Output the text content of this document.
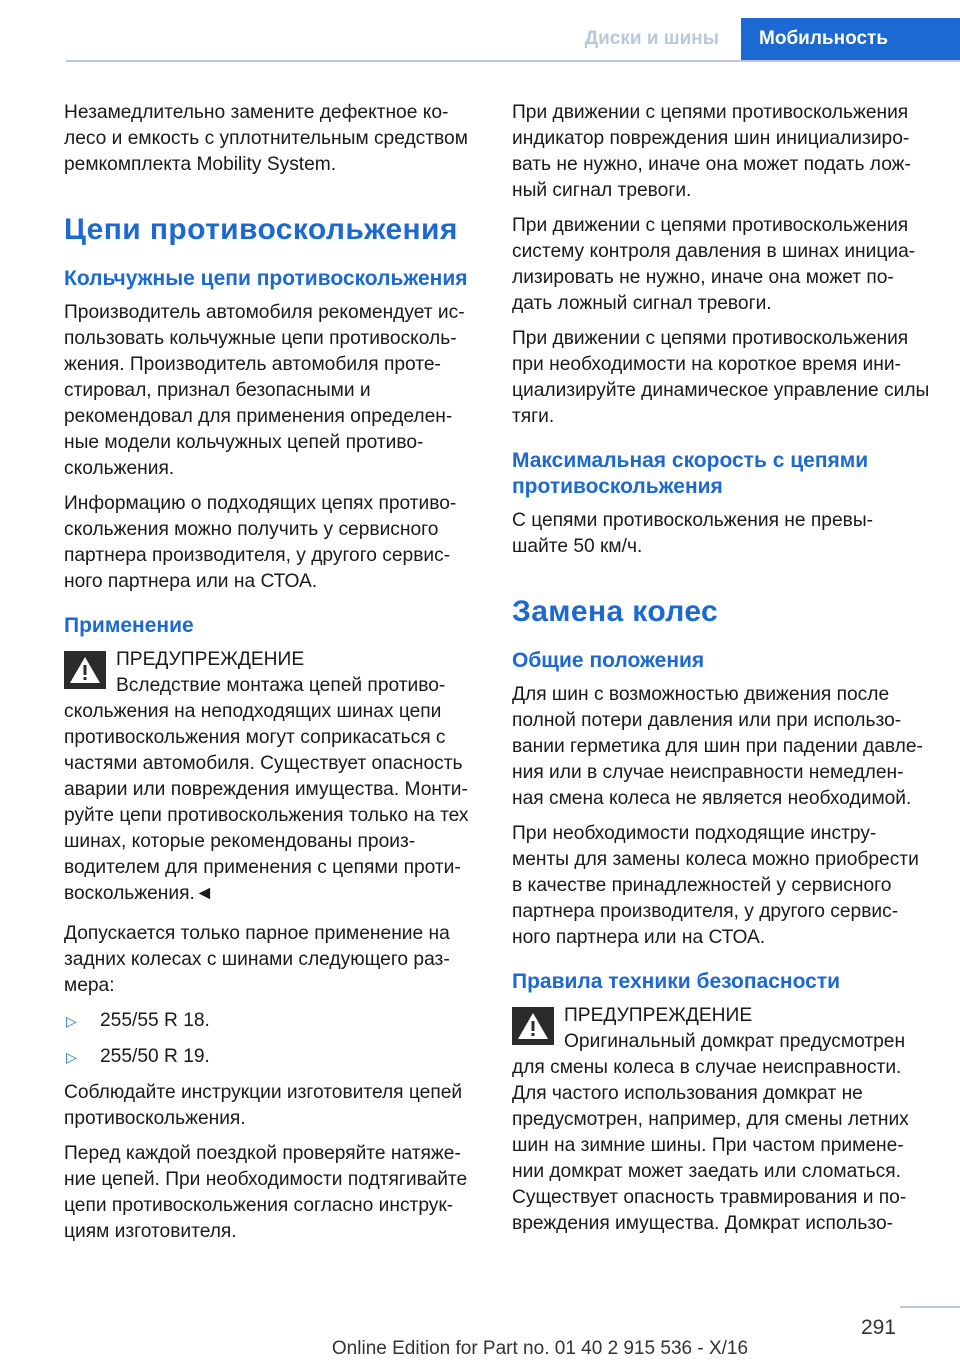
Диски и шины	Мобильность

Незамедлительно замените дефектное ко- лесо и емкость с уплотнительным средством ремкомплекта Mobility System.

Цепи противоскольжения
Кольчужные цепи противоскольжения

Производитель автомобиля рекомендует ис- пользовать кольчужные цепи противосколь- жения. Производитель автомобиля проте- стировал, признал безопасными и рекомендовал для применения определен- ные модели кольчужных цепей противо- скольжения.

Информацию о подходящих цепях противо- скольжения можно получить у сервисного партнера производителя, у другого сервис- ного партнера или на СТОА.

Применение
ПРЕДУПРЕЖДЕНИЕ
Вследствие монтажа цепей противо- скольжения на неподходящих шинах цепи противоскольжения могут соприкасаться с частями автомобиля. Существует опасность аварии или повреждения имущества. Монти- руйте цепи противоскольжения только на тех шинах, которые рекомендованы произ- водителем для применения с цепями проти- воскольжения.◄

Допускается только парное применение на задних колесах с шинами следующего раз- мера:

▷ 255/55 R 18.
▷ 255/50 R 19.

Соблюдайте инструкции изготовителя цепей противоскольжения.

Перед каждой поездкой проверяйте натяже- ние цепей. При необходимости подтягивайте цепи противоскольжения согласно инструк- циям изготовителя.

При движении с цепями противоскольжения индикатор повреждения шин инициализиро- вать не нужно, иначе она может подать лож- ный сигнал тревоги.

При движении с цепями противоскольжения систему контроля давления в шинах инициа- лизировать не нужно, иначе она может по- дать ложный сигнал тревоги.

При движении с цепями противоскольжения при необходимости на короткое время ини- циализируйте динамическое управление силы тяги.

Максимальная скорость с цепями противоскольжения

С цепями противоскольжения не превы- шайте 50 км/ч.

Замена колес
Общие положения

Для шин с возможностью движения после полной потери давления или при использо- вании герметика для шин при падении давле- ния или в случае неисправности немедлен- ная смена колеса не является необходимой.

При необходимости подходящие инстру- менты для замены колеса можно приобрести в качестве принадлежностей у сервисного партнера производителя, у другого сервис- ного партнера или на СТОА.

Правила техники безопасности
ПРЕДУПРЕЖДЕНИЕ
Оригинальный домкрат предусмотрен для смены колеса в случае неисправности. Для частого использования домкрат не предусмотрен, например, для смены летних шин на зимние шины. При частом примене- нии домкрат может заедать или сломаться. Существует опасность травмирования и по- вреждения имущества. Домкрат использо-
291
Online Edition for Part no. 01 40 2 915 536 - X/16
